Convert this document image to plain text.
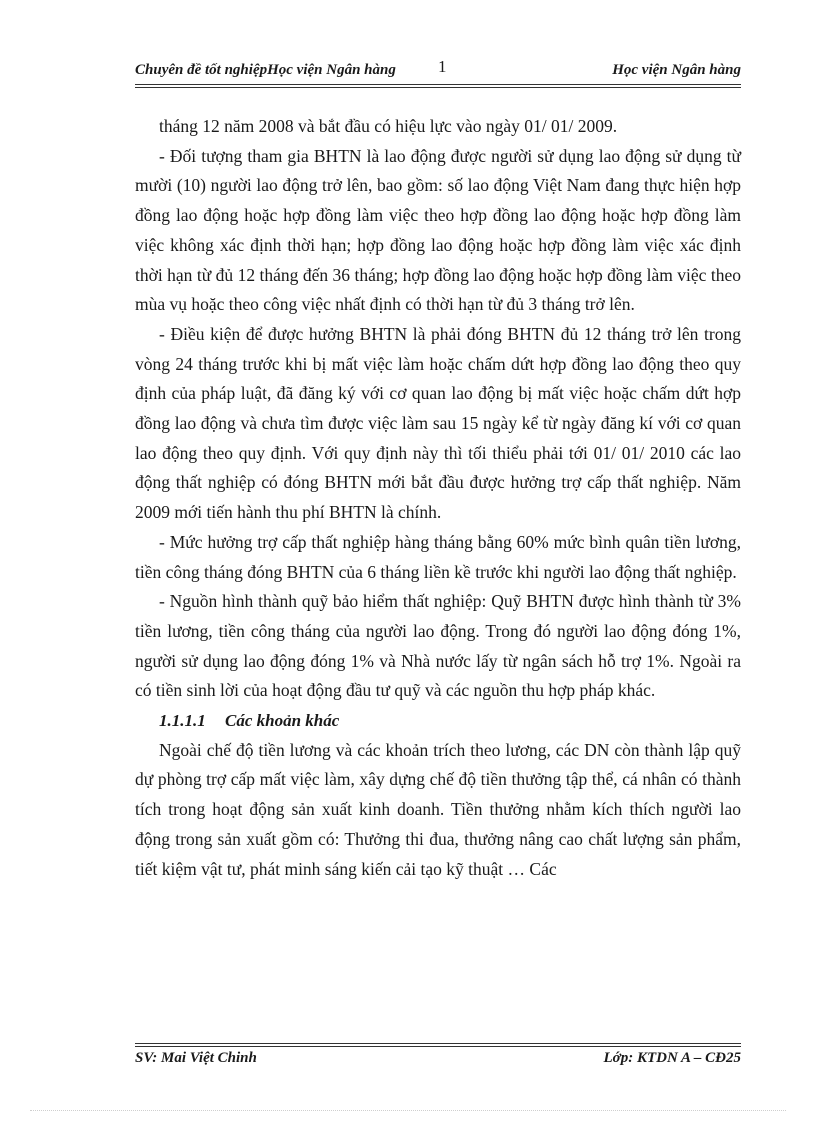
Chuyên đề tốt nghiệpHọc viện Ngân hàng 1	Học viện Ngân hàng

tháng 12 năm 2008 và bắt đầu có hiệu lực vào ngày 01/ 01/ 2009.

- Đối tượng tham gia BHTN là lao động được người sử dụng lao động sử dụng từ mười (10) người lao động trở lên, bao gồm: số lao động Việt Nam đang thực hiện hợp đồng lao động hoặc hợp đồng làm việc theo hợp đồng lao động hoặc hợp đồng làm việc không xác định thời hạn; hợp đồng lao động hoặc hợp đồng làm việc xác định thời hạn từ đủ 12 tháng đến 36 tháng; hợp đồng lao động hoặc hợp đồng làm việc theo mùa vụ hoặc theo công việc nhất định có thời hạn từ đủ 3 tháng trở lên.

- Điều kiện để được hưởng BHTN là phải đóng BHTN đủ 12 tháng trở lên trong vòng 24 tháng trước khi bị mất việc làm hoặc chấm dứt hợp đồng lao động theo quy định của pháp luật, đã đăng ký với cơ quan lao động bị mất việc hoặc chấm dứt hợp đồng lao động và chưa tìm được việc làm sau 15 ngày kể từ ngày đăng kí với cơ quan lao động theo quy định. Với quy định này thì tối thiểu phải tới 01/ 01/ 2010 các lao động thất nghiệp có đóng BHTN mới bắt đầu được hưởng trợ cấp thất nghiệp. Năm 2009 mới tiến hành thu phí BHTN là chính.

- Mức hưởng trợ cấp thất nghiệp hàng tháng bằng 60% mức bình quân tiền lương, tiền công tháng đóng BHTN của 6 tháng liền kề trước khi người lao động thất nghiệp.

- Nguồn hình thành quỹ bảo hiểm thất nghiệp: Quỹ BHTN được hình thành từ 3% tiền lương, tiền công tháng của người lao động. Trong đó người lao động đóng 1%, người sử dụng lao động đóng 1% và Nhà nước lấy từ ngân sách hỗ trợ 1%. Ngoài ra có tiền sinh lời của hoạt động đầu tư quỹ và các nguồn thu hợp pháp khác.

1.1.1.1 Các khoản khác

Ngoài chế độ tiền lương và các khoản trích theo lương, các DN còn thành lập quỹ dự phòng trợ cấp mất việc làm, xây dựng chế độ tiền thưởng tập thể, cá nhân có thành tích trong hoạt động sản xuất kinh doanh. Tiền thưởng nhằm kích thích người lao động trong sản xuất gồm có: Thưởng thi đua, thưởng nâng cao chất lượng sản phẩm, tiết kiệm vật tư, phát minh sáng kiến cải tạo kỹ thuật … Các

SV: Mai Việt Chinh	Lớp: KTDN A – CĐ25
